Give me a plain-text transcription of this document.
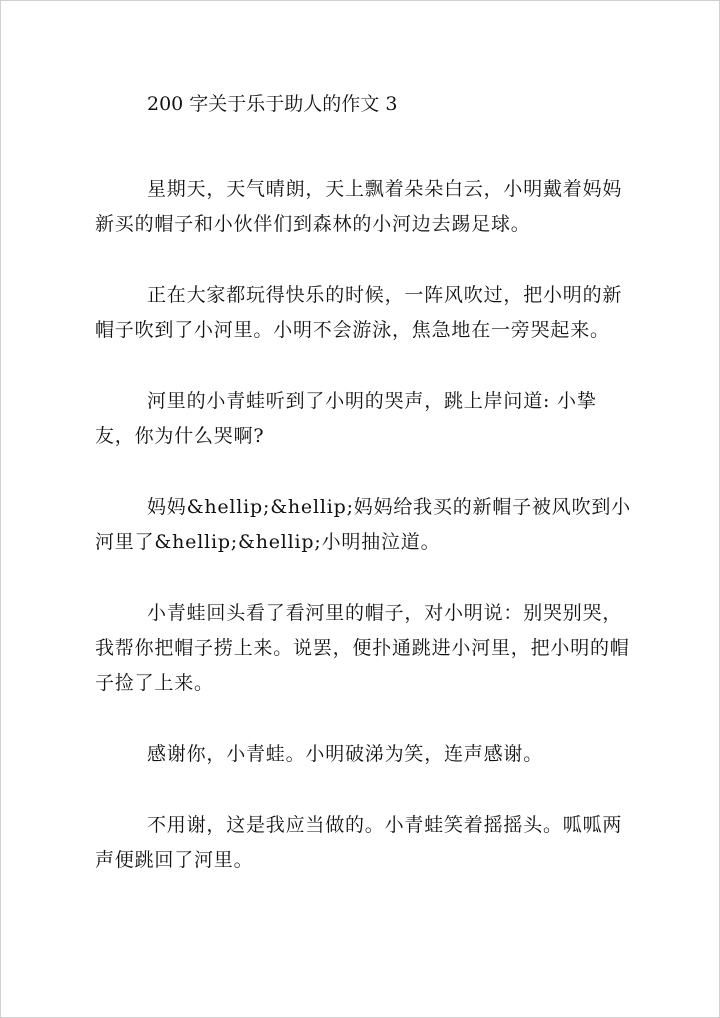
200 字关于乐于助人的作文 3

星期天，天气晴朗，天上飘着朵朵白云，小明戴着妈妈新买的帽子和小伙伴们到森林的小河边去踢足球。

正在大家都玩得快乐的时候，一阵风吹过，把小明的新帽子吹到了小河里。小明不会游泳，焦急地在一旁哭起来。

河里的小青蛙听到了小明的哭声，跳上岸问道: 小挚友，你为什么哭啊?

妈妈&hellip;&hellip;妈妈给我买的新帽子被风吹到小河里了&hellip;&hellip;小明抽泣道。

小青蛙回头看了看河里的帽子，对小明说：别哭别哭，我帮你把帽子捞上来。说罢，便扑通跳进小河里，把小明的帽子捡了上来。

感谢你，小青蛙。小明破涕为笑，连声感谢。

不用谢，这是我应当做的。小青蛙笑着摇摇头。呱呱两声便跳回了河里。
